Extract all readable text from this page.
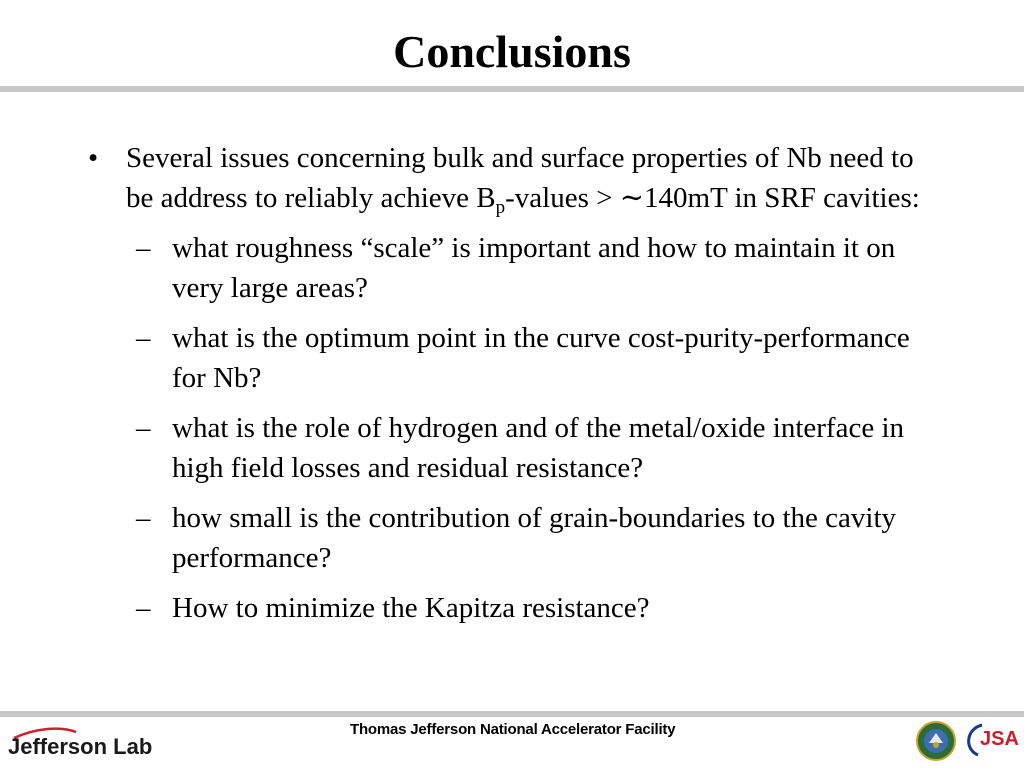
Conclusions
• Several issues concerning bulk and surface properties of Nb need to be address to reliably achieve $B_p$-values > ∼140mT in SRF cavities:
– what roughness “scale” is important and how to maintain it on very large areas?
– what is the optimum point in the curve cost-purity-performance for Nb?
– what is the role of hydrogen and of the metal/oxide interface in high field losses and residual resistance?
– how small is the contribution of grain-boundaries to the cavity performance?
– How to minimize the Kapitza resistance?
Jefferson Lab
Thomas Jefferson National Accelerator Facility	JSA
